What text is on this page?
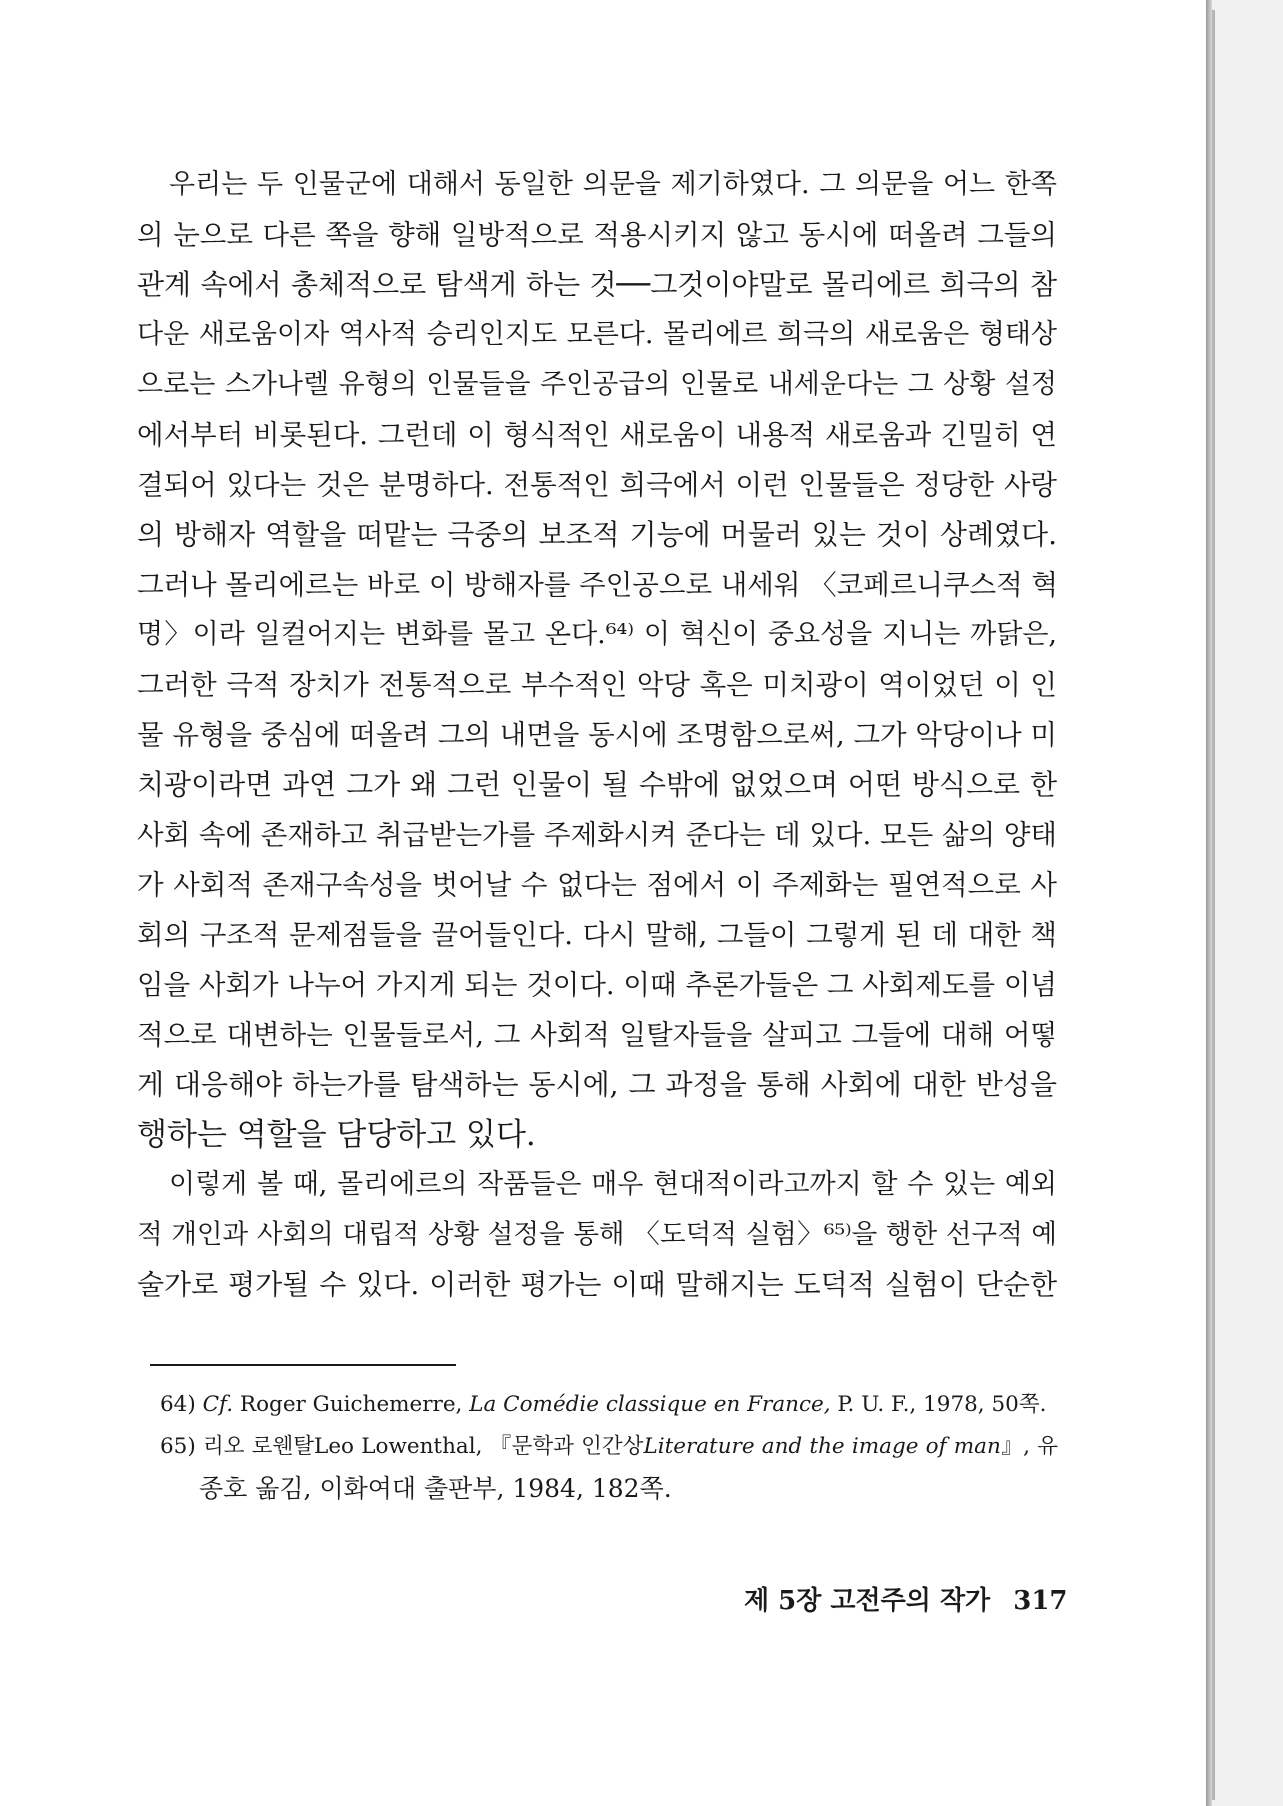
우리는 두 인물군에 대해서 동일한 의문을 제기하였다. 그 의문을 어느 한쪽
의 눈으로 다른 쪽을 향해 일방적으로 적용시키지 않고 동시에 떠올려 그들의
관계 속에서 총체적으로 탐색게 하는 것──그것이야말로 몰리에르 희극의 참
다운 새로움이자 역사적 승리인지도 모른다. 몰리에르 희극의 새로움은 형태상
으로는 스가나렐 유형의 인물들을 주인공급의 인물로 내세운다는 그 상황 설정
에서부터 비롯된다. 그런데 이 형식적인 새로움이 내용적 새로움과 긴밀히 연
결되어 있다는 것은 분명하다. 전통적인 희극에서 이런 인물들은 정당한 사랑
의 방해자 역할을 떠맡는 극중의 보조적 기능에 머물러 있는 것이 상례였다.
그러나 몰리에르는 바로 이 방해자를 주인공으로 내세워 〈코페르니쿠스적 혁
명〉이라 일컬어지는 변화를 몰고 온다.⁶⁴⁾ 이 혁신이 중요성을 지니는 까닭은,
그러한 극적 장치가 전통적으로 부수적인 악당 혹은 미치광이 역이었던 이 인
물 유형을 중심에 떠올려 그의 내면을 동시에 조명함으로써, 그가 악당이나 미
치광이라면 과연 그가 왜 그런 인물이 될 수밖에 없었으며 어떤 방식으로 한
사회 속에 존재하고 취급받는가를 주제화시켜 준다는 데 있다. 모든 삶의 양태
가 사회적 존재구속성을 벗어날 수 없다는 점에서 이 주제화는 필연적으로 사
회의 구조적 문제점들을 끌어들인다. 다시 말해, 그들이 그렇게 된 데 대한 책
임을 사회가 나누어 가지게 되는 것이다. 이때 추론가들은 그 사회제도를 이념
적으로 대변하는 인물들로서, 그 사회적 일탈자들을 살피고 그들에 대해 어떻
게 대응해야 하는가를 탐색하는 동시에, 그 과정을 통해 사회에 대한 반성을
행하는 역할을 담당하고 있다.
이렇게 볼 때, 몰리에르의 작품들은 매우 현대적이라고까지 할 수 있는 예외
적 개인과 사회의 대립적 상황 설정을 통해 〈도덕적 실험〉⁶⁵⁾을 행한 선구적 예
술가로 평가될 수 있다. 이러한 평가는 이때 말해지는 도덕적 실험이 단순한
64) Cf. Roger Guichemerre, La Comédie classique en France, P. U. F., 1978, 50쪽.
65) 리오 로웬탈Leo Lowenthal, 『문학과 인간상Literature and the image of man』, 유
종호 옮김, 이화여대 출판부, 1984, 182쪽.
제 5장 고전주의 작가 317
